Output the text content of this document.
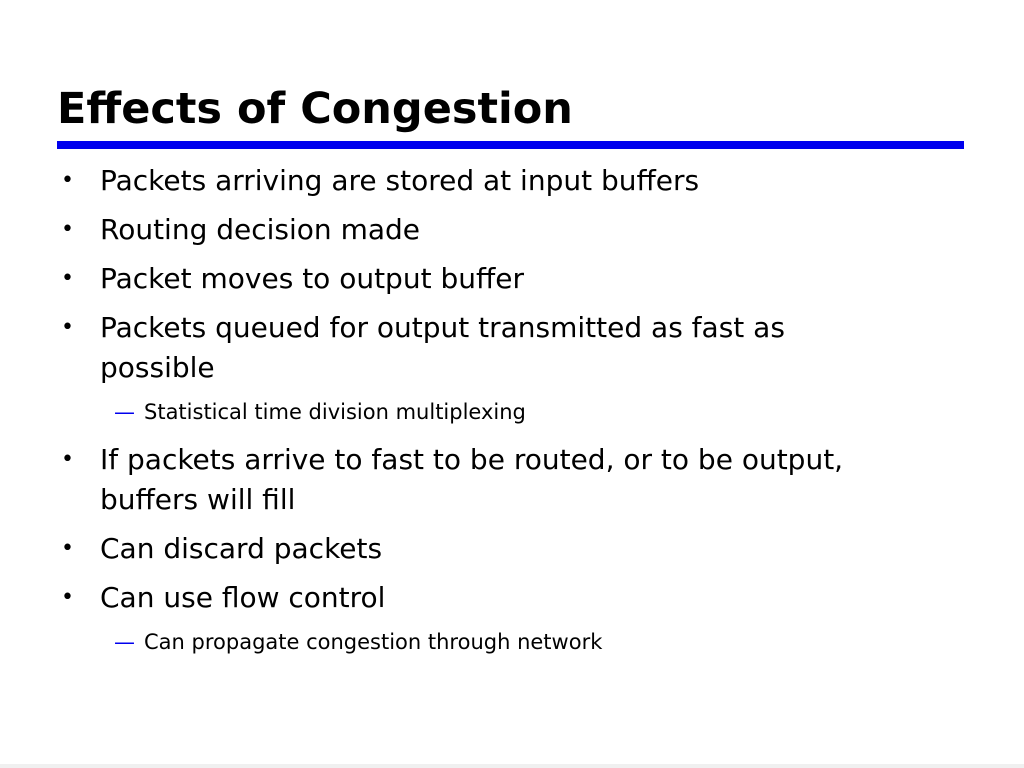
Effects of Congestion
• Packets arriving are stored at input buffers
• Routing decision made
• Packet moves to output buffer
• Packets queued for output transmitted as fast as possible
— Statistical time division multiplexing
• If packets arrive to fast to be routed, or to be output, buffers will fill
• Can discard packets
• Can use flow control
— Can propagate congestion through network
